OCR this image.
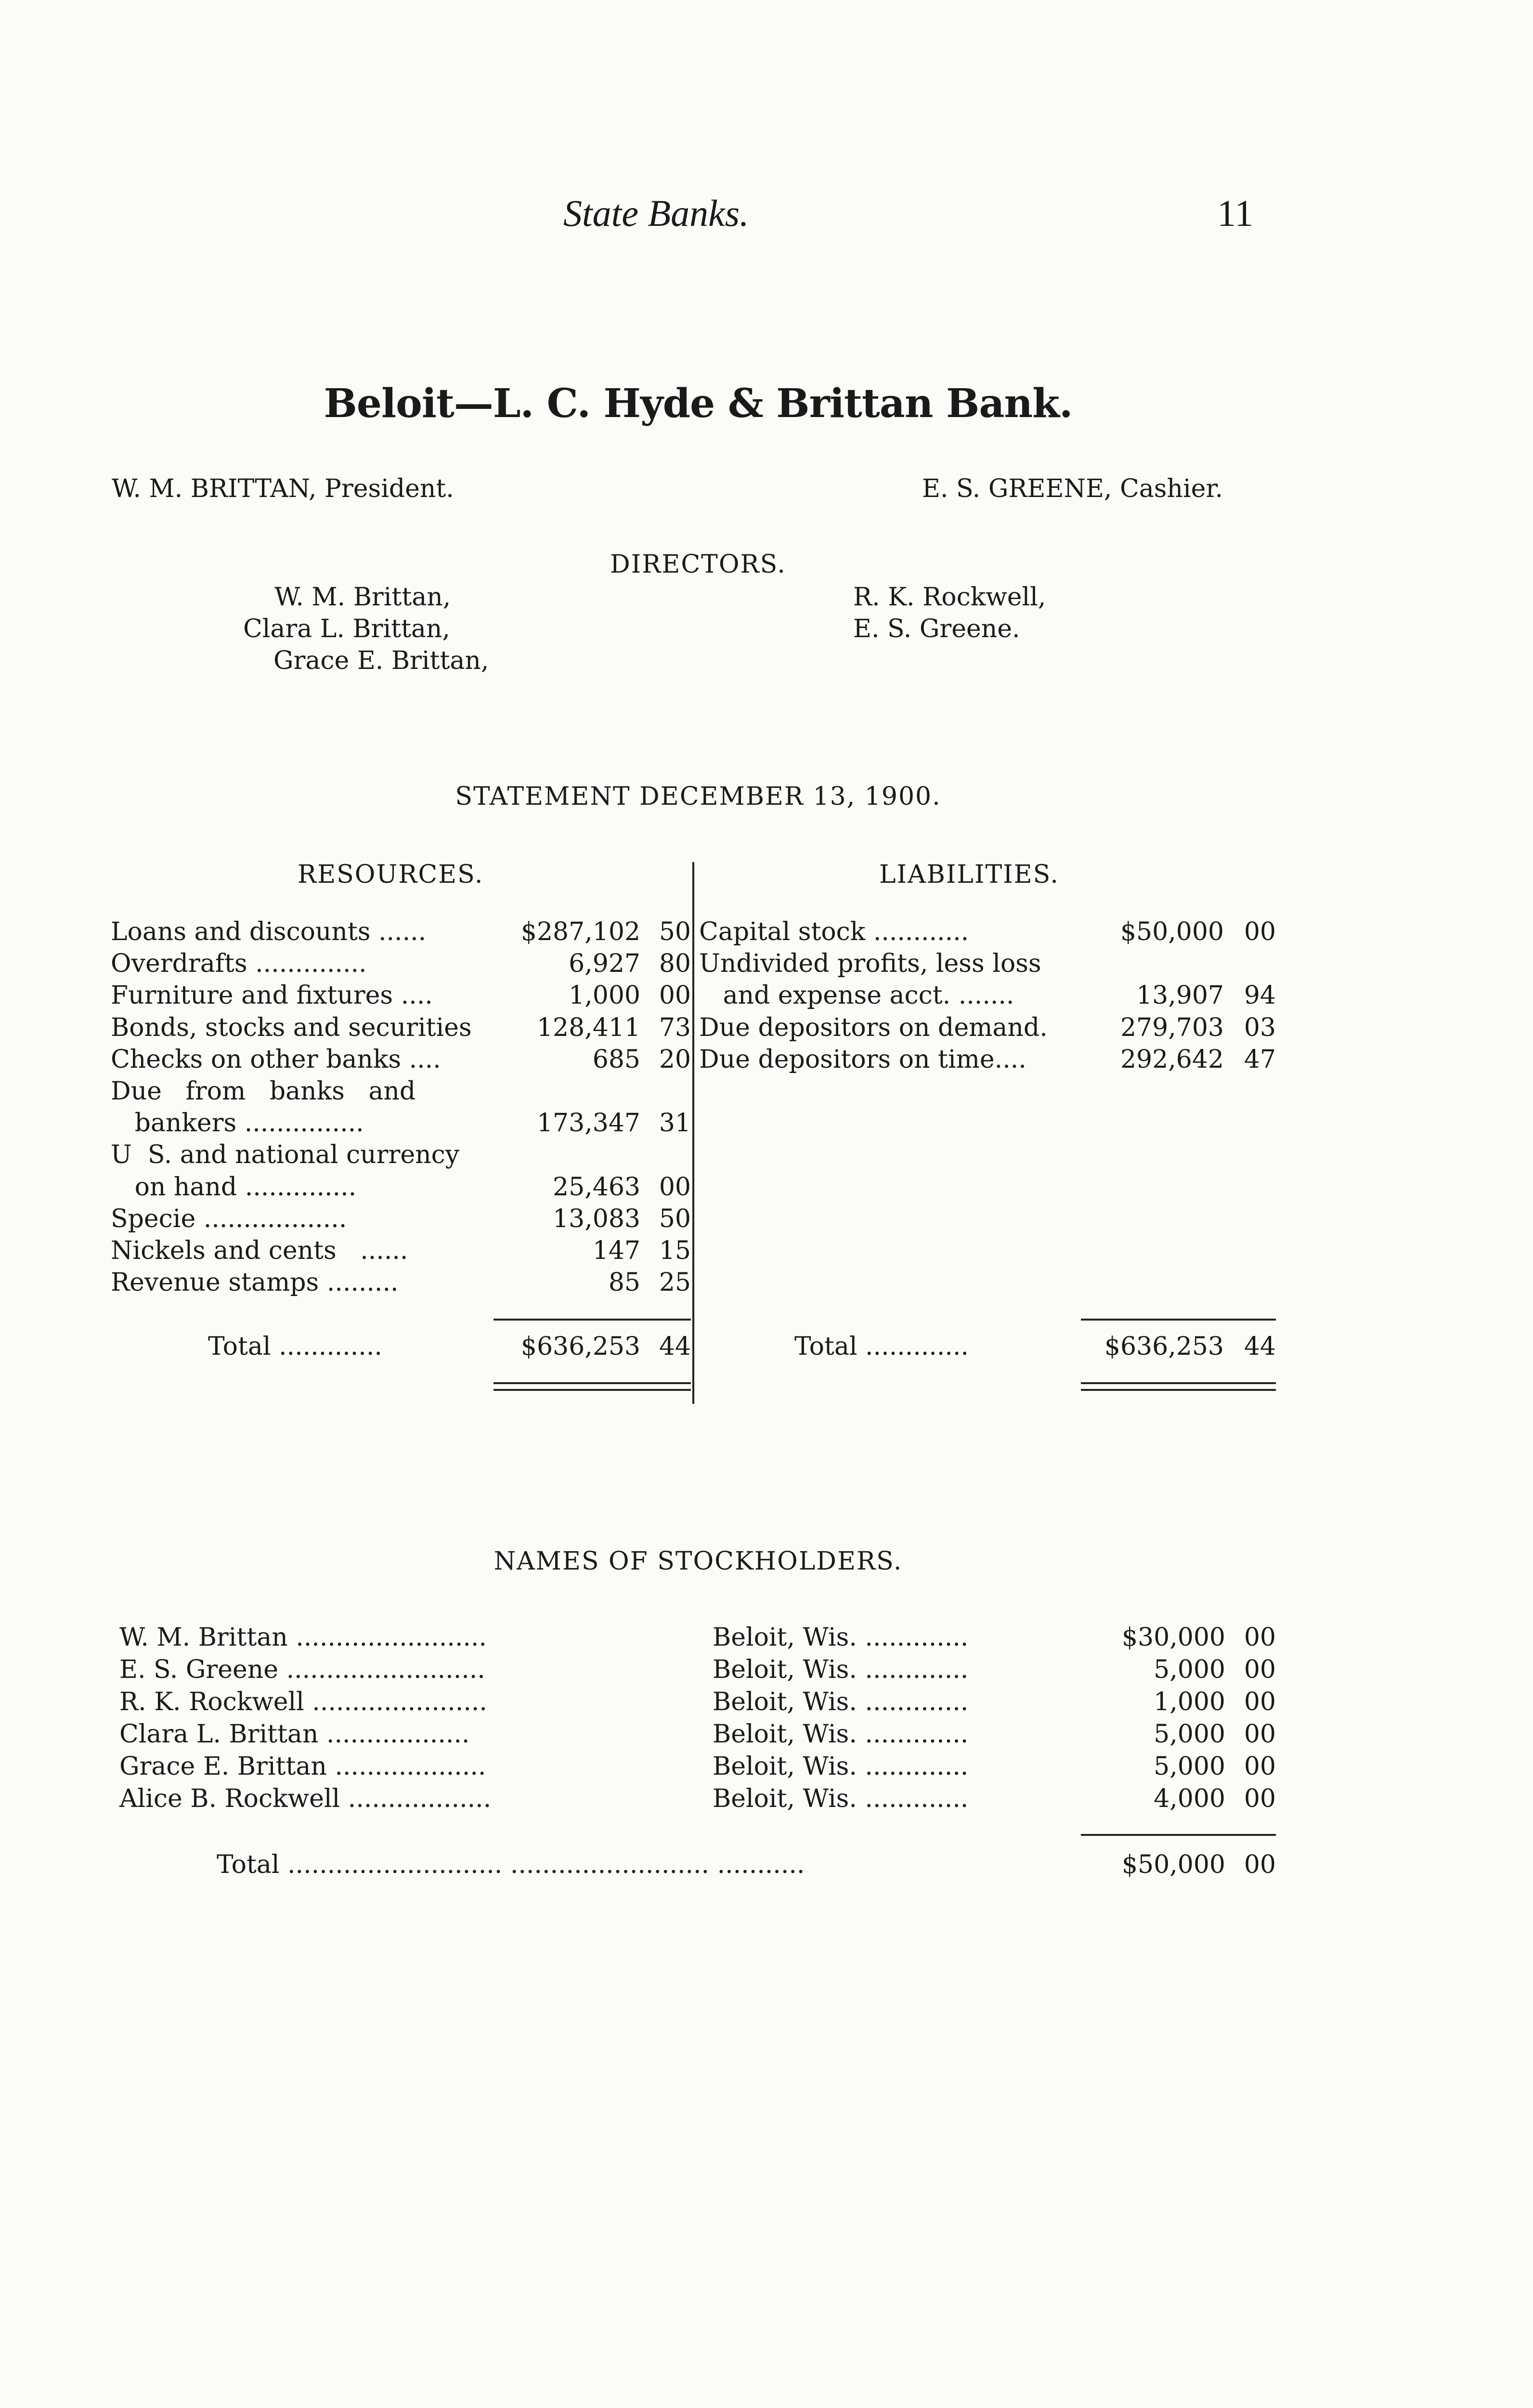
State Banks.	11
Beloit—L. C. Hyde & Brittan Bank.
W. M. BRITTAN, President.	E. S. GREENE, Cashier.
DIRECTORS.
W. M. Brittan,
Clara L. Brittan,
Grace E. Brittan,
R. K. Rockwell,
E. S. Greene.
STATEMENT DECEMBER 13, 1900.
RESOURCES.	LIABILITIES.
Loans and discounts ......	$287,102 50
Overdrafts ..............	6,927 80
Furniture and fixtures ....	1,000 00
Bonds, stocks and securities	128,411 73
Checks on other banks ....	685 20
Due   from   banks   and
bankers ...............	173,347 31
U  S. and national currency
on hand ..............	25,463 00
Specie ..................	13,083 50
Nickels and cents   ......	147 15
Revenue stamps .........	85 25
Total .............	$636,253 44
Capital stock ............	$50,000 00
Undivided profits, less loss
and expense acct. .......	13,907 94
Due depositors on demand.	279,703 03
Due depositors on time....	292,642 47
Total .............	$636,253 44
NAMES OF STOCKHOLDERS.
W. M. Brittan ........................	Beloit, Wis. .............	$30,000 00
E. S. Greene .........................	Beloit, Wis. .............	5,000 00
R. K. Rockwell ......................	Beloit, Wis. .............	1,000 00
Clara L. Brittan ..................	Beloit, Wis. .............	5,000 00
Grace E. Brittan ...................	Beloit, Wis. .............	5,000 00
Alice B. Rockwell ..................	Beloit, Wis. .............	4,000 00
Total ........................... ......................... ...........	$50,000 00
